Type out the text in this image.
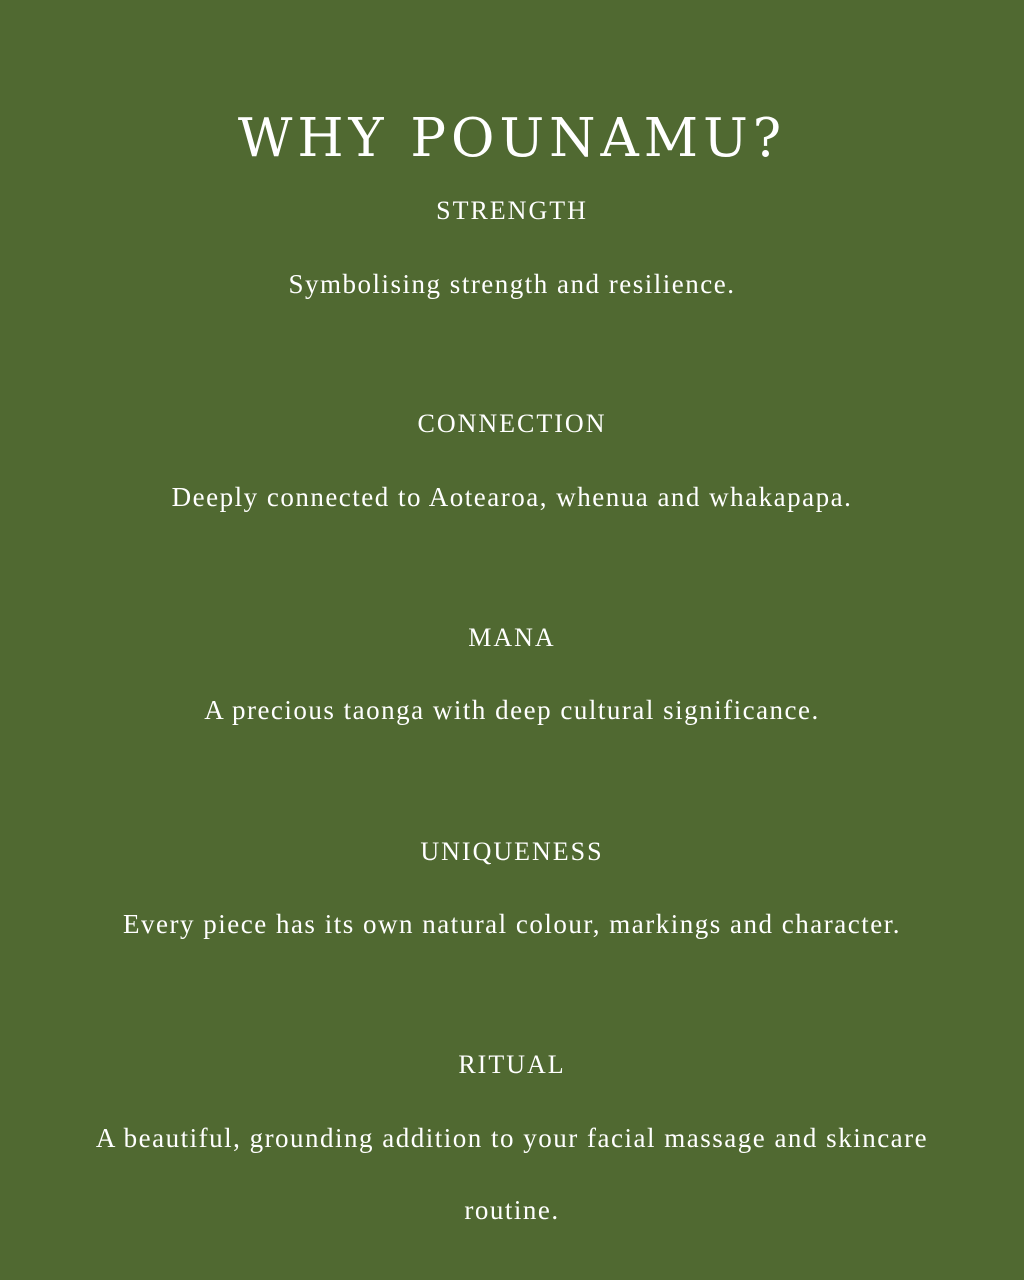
WHY POUNAMU?
STRENGTH
Symbolising strength and resilience.
CONNECTION
Deeply connected to Aotearoa, whenua and whakapapa.
MANA
A precious taonga with deep cultural significance.
UNIQUENESS
Every piece has its own natural colour, markings and character.
RITUAL
A beautiful, grounding addition to your facial massage and skincare routine.
